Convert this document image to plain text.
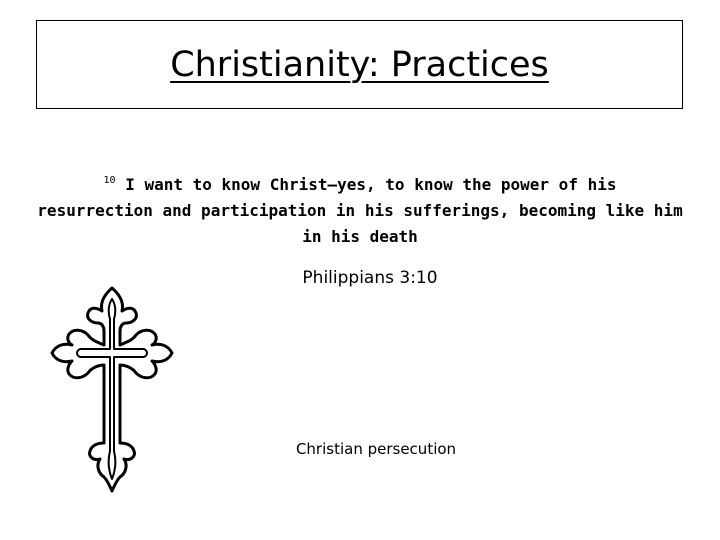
Christianity: Practices
$^{10}$ I want to know Christ—yes, to know the power of his
resurrection and participation in his sufferings, becoming like him
in his death
Philippians 3:10
Christian persecution
